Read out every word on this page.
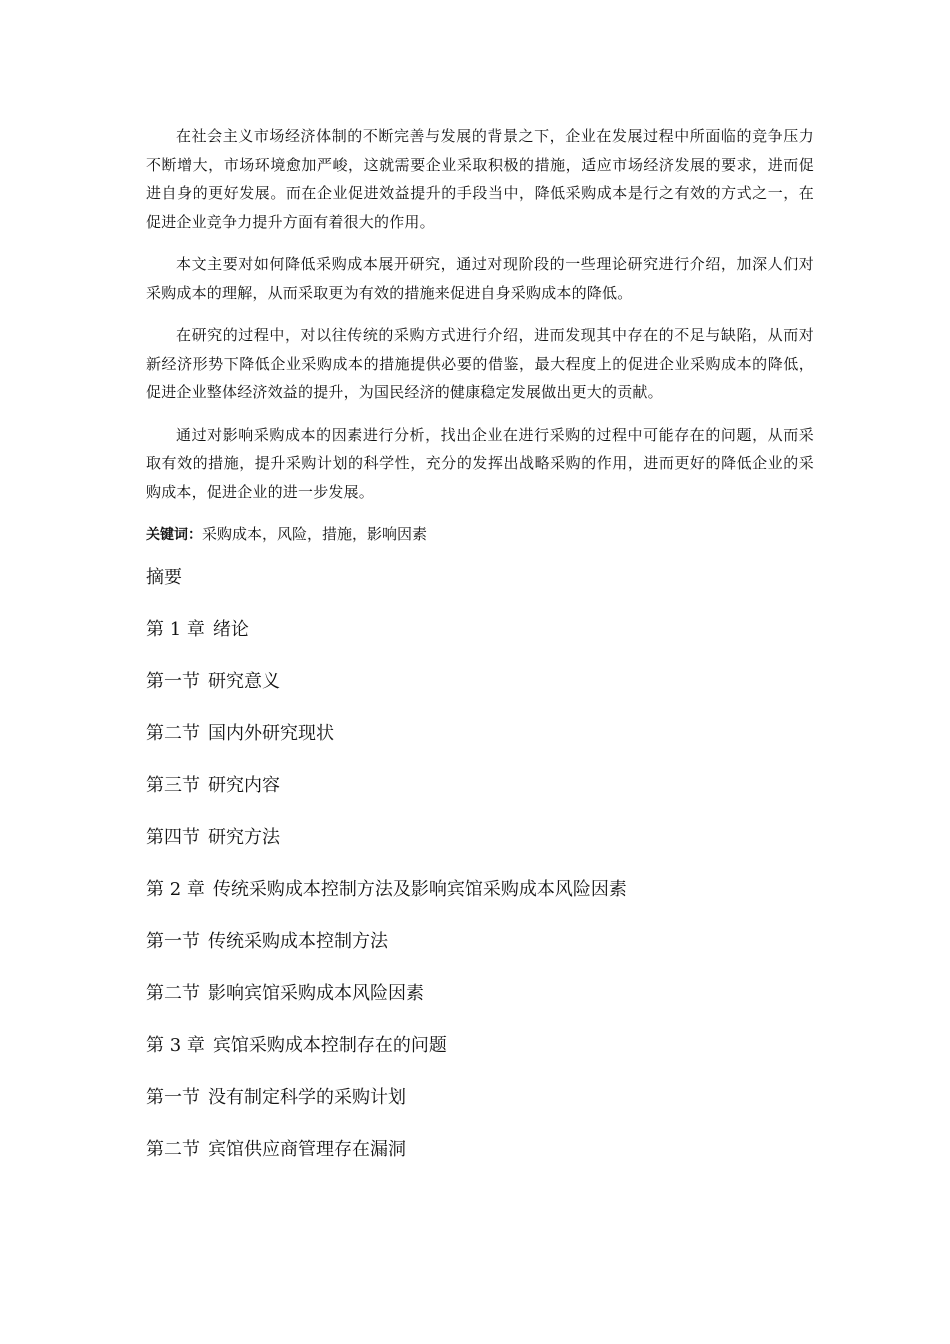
在社会主义市场经济体制的不断完善与发展的背景之下，企业在发展过程中所面临的竞争压力不断增大，市场环境愈加严峻，这就需要企业采取积极的措施，适应市场经济发展的要求，进而促进自身的更好发展。而在企业促进效益提升的手段当中，降低采购成本是行之有效的方式之一，在促进企业竞争力提升方面有着很大的作用。

本文主要对如何降低采购成本展开研究，通过对现阶段的一些理论研究进行介绍，加深人们对采购成本的理解，从而采取更为有效的措施来促进自身采购成本的降低。

在研究的过程中，对以往传统的采购方式进行介绍，进而发现其中存在的不足与缺陷，从而对新经济形势下降低企业采购成本的措施提供必要的借鉴，最大程度上的促进企业采购成本的降低，促进企业整体经济效益的提升，为国民经济的健康稳定发展做出更大的贡献。

通过对影响采购成本的因素进行分析，找出企业在进行采购的过程中可能存在的问题，从而采取有效的措施，提升采购计划的科学性，充分的发挥出战略采购的作用，进而更好的降低企业的采购成本，促进企业的进一步发展。

关键词：采购成本，风险，措施，影响因素

摘要
第 1 章 绪论
第一节 研究意义
第二节 国内外研究现状
第三节 研究内容
第四节 研究方法
第 2 章 传统采购成本控制方法及影响宾馆采购成本风险因素
第一节 传统采购成本控制方法
第二节 影响宾馆采购成本风险因素
第 3 章 宾馆采购成本控制存在的问题
第一节 没有制定科学的采购计划
第二节 宾馆供应商管理存在漏洞
